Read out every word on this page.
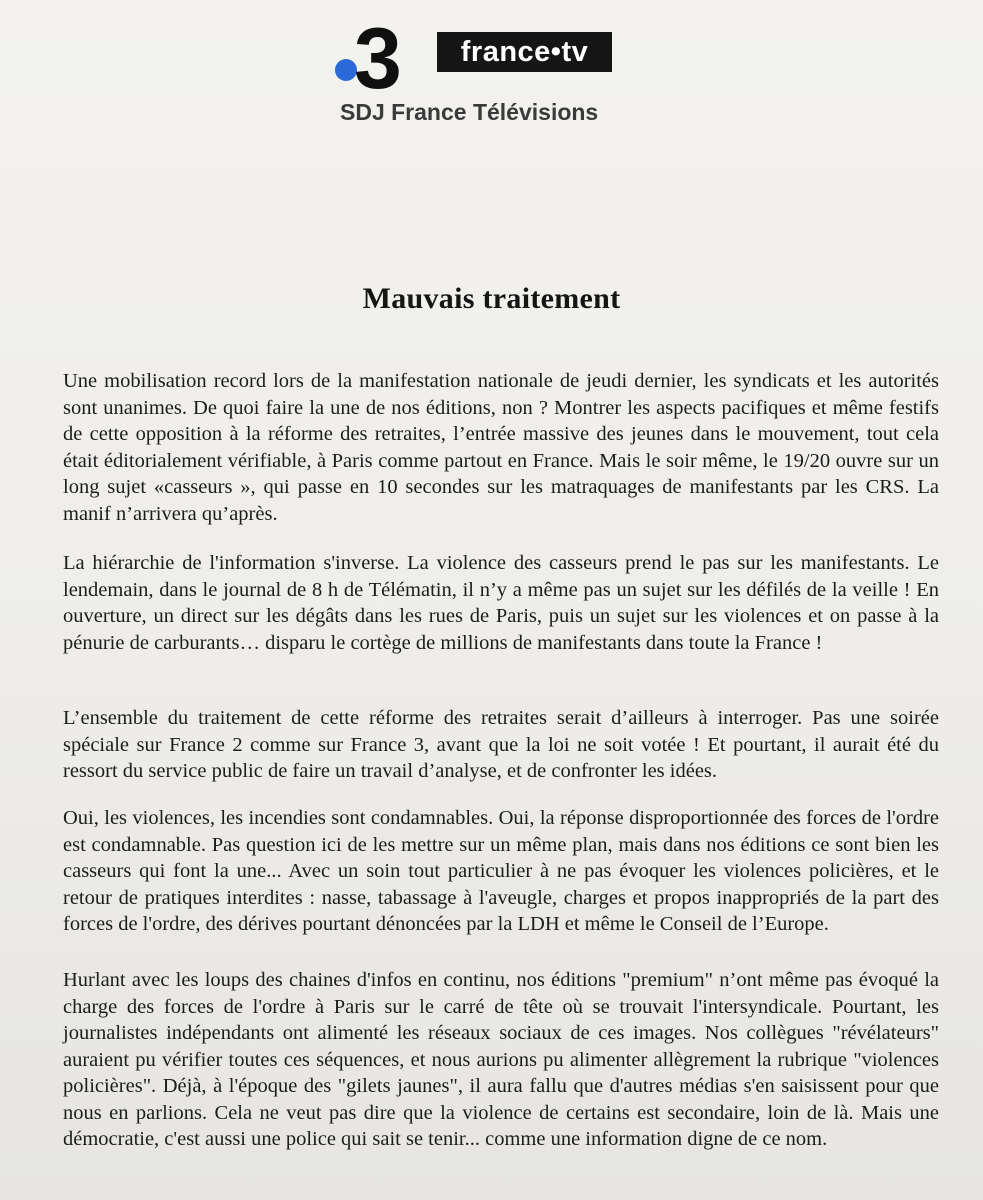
3	france•tv
SDJ France Télévisions
Mauvais traitement

Une mobilisation record lors de la manifestation nationale de jeudi dernier, les syndicats et les autorités sont unanimes. De quoi faire la une de nos éditions, non ? Montrer les aspects pacifiques et même festifs de cette opposition à la réforme des retraites, l’entrée massive des jeunes dans le mouvement, tout cela était éditorialement vérifiable, à Paris comme partout en France. Mais le soir même, le 19/20 ouvre sur un long sujet «casseurs », qui passe en 10 secondes sur les matraquages de manifestants par les CRS. La manif n’arrivera qu’après.

La hiérarchie de l'information s'inverse. La violence des casseurs prend le pas sur les manifestants. Le lendemain, dans le journal de 8 h de Télématin, il n’y a même pas un sujet sur les défilés de la veille ! En ouverture, un direct sur les dégâts dans les rues de Paris, puis un sujet sur les violences et on passe à la pénurie de carburants… disparu le cortège de millions de manifestants dans toute la France !

L’ensemble du traitement de cette réforme des retraites serait d’ailleurs à interroger. Pas une soirée spéciale sur France 2 comme sur France 3, avant que la loi ne soit votée ! Et pourtant, il aurait été du ressort du service public de faire un travail d’analyse, et de confronter les idées.

Oui, les violences, les incendies sont condamnables. Oui, la réponse disproportionnée des forces de l'ordre est condamnable. Pas question ici de les mettre sur un même plan, mais dans nos éditions ce sont bien les casseurs qui font la une... Avec un soin tout particulier à ne pas évoquer les violences policières, et le retour de pratiques interdites : nasse, tabassage à l'aveugle, charges et propos inappropriés de la part des forces de l'ordre, des dérives pourtant dénoncées par la LDH et même le Conseil de l’Europe.

Hurlant avec les loups des chaines d'infos en continu, nos éditions "premium" n’ont même pas évoqué la charge des forces de l'ordre à Paris sur le carré de tête où se trouvait l'intersyndicale. Pourtant, les journalistes indépendants ont alimenté les réseaux sociaux de ces images. Nos collègues "révélateurs" auraient pu vérifier toutes ces séquences, et nous aurions pu alimenter allègrement la rubrique "violences policières". Déjà, à l'époque des "gilets jaunes", il aura fallu que d'autres médias s'en saisissent pour que nous en parlions. Cela ne veut pas dire que la violence de certains est secondaire, loin de là. Mais une démocratie, c'est aussi une police qui sait se tenir... comme une information digne de ce nom.
